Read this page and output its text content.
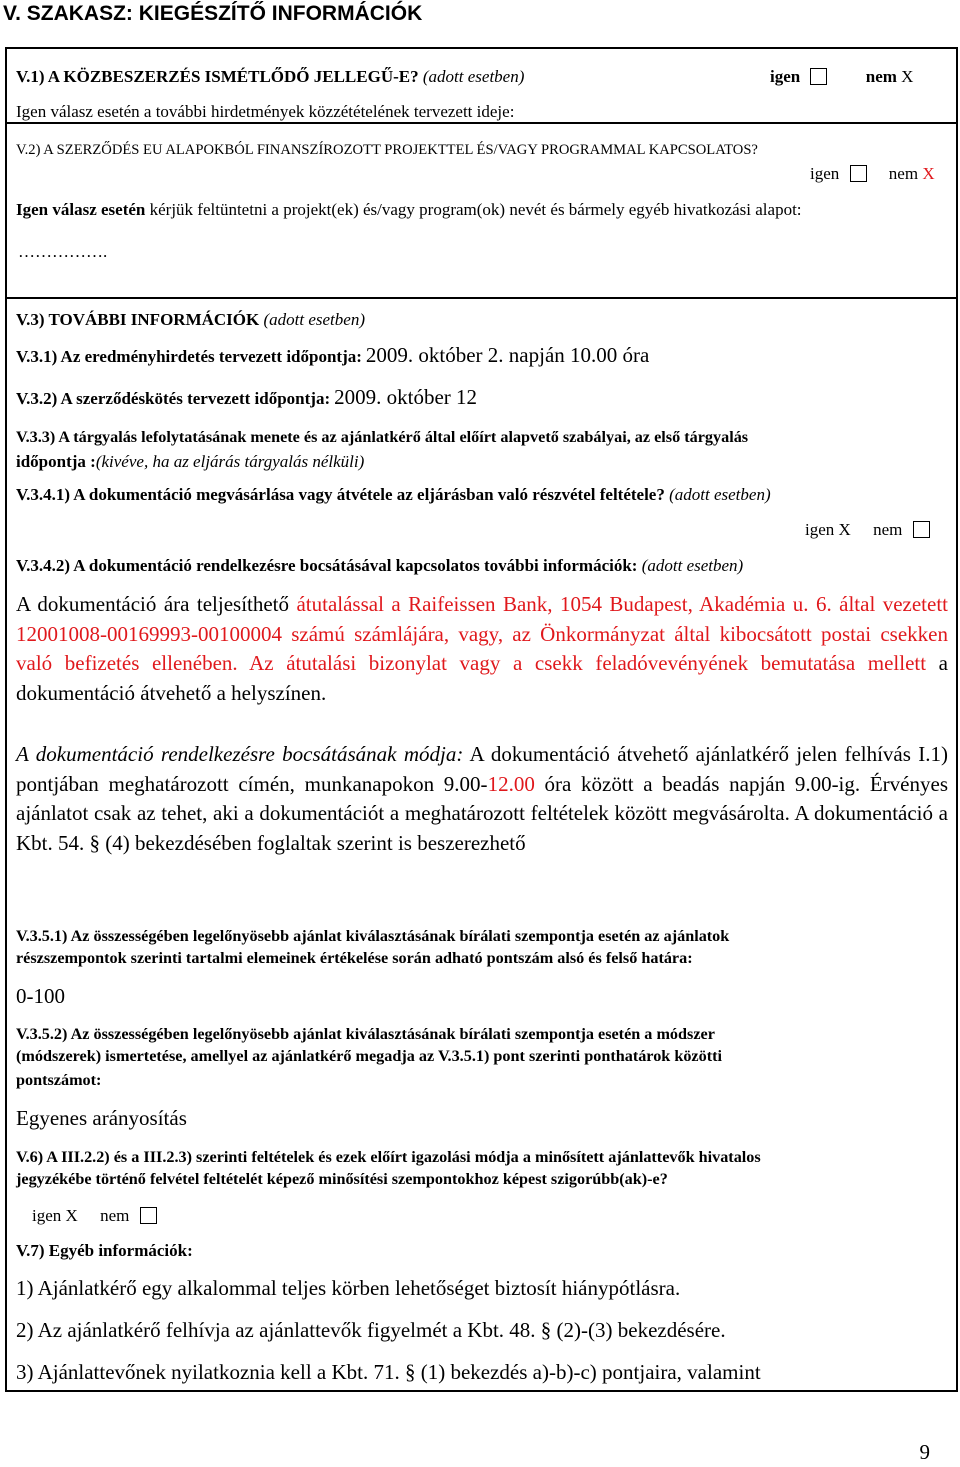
V. SZAKASZ: KIEGÉSZÍTŐ INFORMÁCIÓK
V.1) A KÖZBESZERZÉS ISMÉTLŐDŐ JELLEGŰ-E? (adott esetben)	igen	nem X
Igen válasz esetén a további hirdetmények közzétételének tervezett ideje:
V.2) A SZERZŐDÉS EU ALAPOKBÓL FINANSZÍROZOTT PROJEKTTEL ÉS/VAGY PROGRAMMAL KAPCSOLATOS?
igen	nem X
Igen válasz esetén kérjük feltüntetni a projekt(ek) és/vagy program(ok) nevét és bármely egyéb hivatkozási alapot:
…………….
V.3) TOVÁBBI INFORMÁCIÓK (adott esetben)
V.3.1) Az eredményhirdetés tervezett időpontja: 2009. október 2. napján 10.00 óra
V.3.2) A szerződéskötés tervezett időpontja: 2009. október 12
V.3.3) A tárgyalás lefolytatásának menete és az ajánlatkérő által előírt alapvető szabályai, az első tárgyalás
időpontja :(kivéve, ha az eljárás tárgyalás nélküli)
V.3.4.1) A dokumentáció megvásárlása vagy átvétele az eljárásban való részvétel feltétele? (adott esetben)
igen X nem
V.3.4.2) A dokumentáció rendelkezésre bocsátásával kapcsolatos további információk: (adott esetben)
A dokumentáció ára teljesíthető átutalással a Raifeissen Bank, 1054 Budapest, Akadémia u. 6. által vezetett 12001008-00169993-00100004 számú számlájára, vagy, az Önkormányzat által kibocsátott postai csekken való befizetés ellenében. Az átutalási bizonylat vagy a csekk feladóvevényének bemutatása mellett a dokumentáció átvehető a helyszínen.
A dokumentáció rendelkezésre bocsátásának módja: A dokumentáció átvehető ajánlatkérő jelen felhívás I.1) pontjában meghatározott címén, munkanapokon 9.00-12.00 óra között a beadás napján 9.00-ig. Érvényes ajánlatot csak az tehet, aki a dokumentációt a meghatározott feltételek között megvásárolta. A dokumentáció a Kbt. 54. § (4) bekezdésében foglaltak szerint is beszerezhető
V.3.5.1) Az összességében legelőnyösebb ajánlat kiválasztásának bírálati szempontja esetén az ajánlatok
részszempontok szerinti tartalmi elemeinek értékelése során adható pontszám alsó és felső határa:
0-100
V.3.5.2) Az összességében legelőnyösebb ajánlat kiválasztásának bírálati szempontja esetén a módszer
(módszerek) ismertetése, amellyel az ajánlatkérő megadja az V.3.5.1) pont szerinti ponthatárok közötti
pontszámot:
Egyenes arányosítás
V.6) A III.2.2) és a III.2.3) szerinti feltételek és ezek előírt igazolási módja a minősített ajánlattevők hivatalos
jegyzékébe történő felvétel feltételét képező minősítési szempontokhoz képest szigorúbb(ak)-e?
igen X nem
V.7) Egyéb információk:
1) Ajánlatkérő egy alkalommal teljes körben lehetőséget biztosít hiánypótlásra.
2) Az ajánlatkérő felhívja az ajánlattevők figyelmét a Kbt. 48. § (2)-(3) bekezdésére.
3) Ajánlattevőnek nyilatkoznia kell a Kbt. 71. § (1) bekezdés a)-b)-c) pontjaira, valamint
9
